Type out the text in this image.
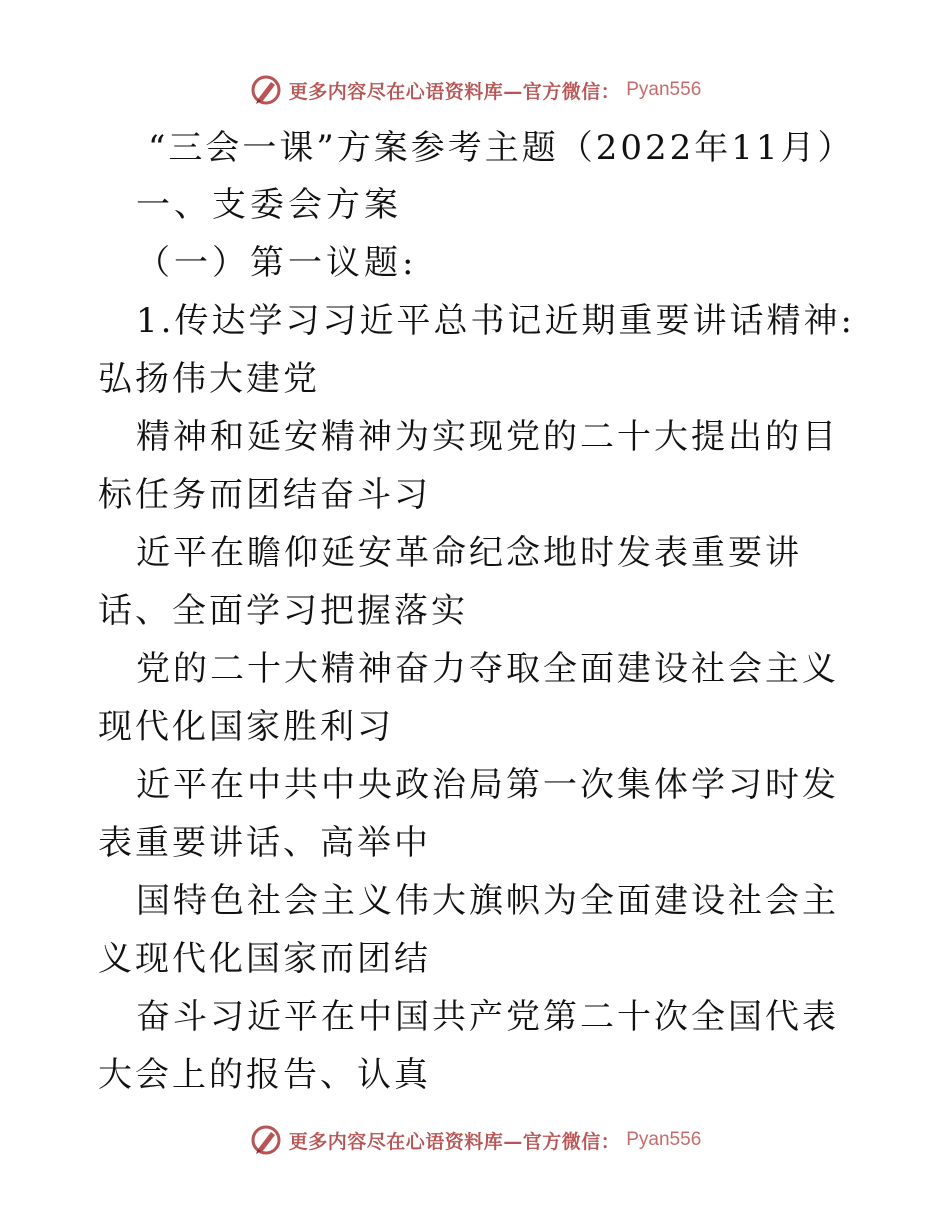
更多内容尽在心语资料库—官方微信： Pyan556
“三会一课”方案参考主题（2022年11月）
一、支委会方案
（一）第一议题:

1.传达学习习近平总书记近期重要讲话精神: 弘扬伟大建党

精神和延安精神为实现党的二十大提出的目标任务而团结奋斗习

近平在瞻仰延安革命纪念地时发表重要讲话、全面学习把握落实

党的二十大精神奋力夺取全面建设社会主义现代化国家胜利习

近平在中共中央政治局第一次集体学习时发表重要讲话、高举中

国特色社会主义伟大旗帜为全面建设社会主义现代化国家而团结

奋斗习近平在中国共产党第二十次全国代表大会上的报告、认真

更多内容尽在心语资料库—官方微信： Pyan556
